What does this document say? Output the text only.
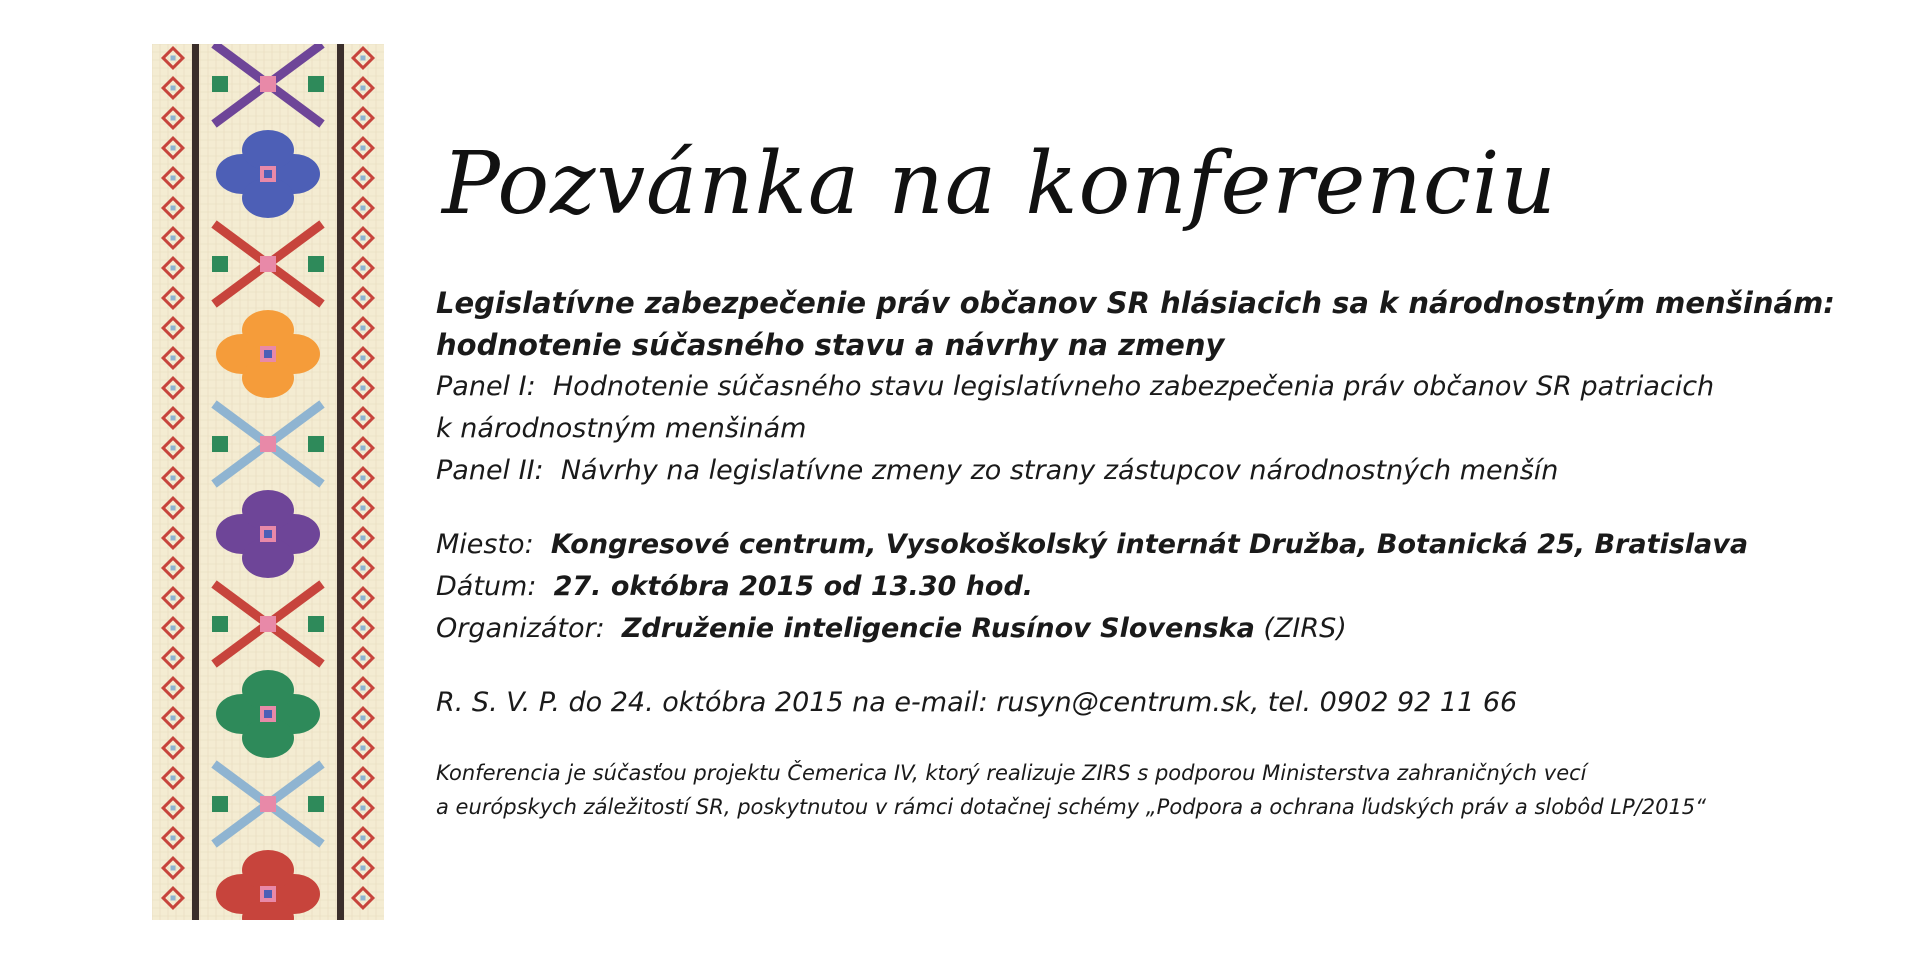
Pozvánka na konferenciu

Legislatívne zabezpečenie práv občanov SR hlásiacich sa k národnostným menšinám:

hodnotenie súčasného stavu a návrhy na zmeny

Panel I: Hodnotenie súčasného stavu legislatívneho zabezpečenia práv občanov SR patriacich

k národnostným menšinám

Panel II: Návrhy na legislatívne zmeny zo strany zástupcov národnostných menšín

Miesto: Kongresové centrum, Vysokoškolský internát Družba, Botanická 25, Bratislava

Dátum: 27. októbra 2015 od 13.30 hod.

Organizátor: Združenie inteligencie Rusínov Slovenska (ZIRS)

R. S. V. P. do 24. októbra 2015 na e-mail: rusyn@centrum.sk, tel. 0902 92 11 66

Konferencia je súčasťou projektu Čemerica IV, ktorý realizuje ZIRS s podporou Ministerstva zahraničných vecí

a európskych záležitostí SR, poskytnutou v rámci dotačnej schémy „Podpora a ochrana ľudských práv a slobôd LP/2015“
